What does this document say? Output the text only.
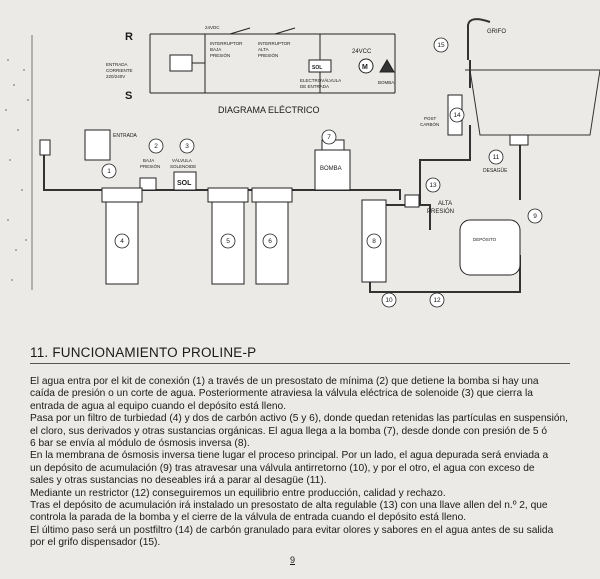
R
S
ENTRADA
CORRIENTE
220/240V
24VDC
INTERRUPTOR
BAJA
PRESIÓN
INTERRUPTOR
ALTA
PRESIÓN
SOL
ELECTROVÁLVULA
DE ENTRADA
24VCC
M
BOMBA
DIAGRAMA ELÉCTRICO
ENTRADA
BAJA
PRESIÓN
VÁLVULA
SOLENOIDE
SOL
BOMBA
POST
CARBÓN
DESAGÜE
ALTA
PRESIÓN
DEPÓSITO
GRIFO
1
2	3
4	5	6
7
8
9
10
11
12
13
14
15
11. FUNCIONAMIENTO PROLINE-P

El agua entra por el kit de conexión (1) a través de un presostato de mínima (2) que detiene la bomba si hay una

caída de presión o un corte de agua. Posteriormente atraviesa la válvula eléctrica de solenoide (3) que cierra la

entrada de agua al equipo cuando el depósito está lleno.

Pasa por un filtro de turbiedad (4) y dos de carbón activo (5 y 6), donde quedan retenidas las partículas en suspensión,

el cloro, sus derivados y otras sustancias orgánicas. El agua llega a la bomba (7), desde donde con presión de 5 ó

6 bar se envía al módulo de ósmosis inversa (8).

En la membrana de ósmosis inversa tiene lugar el proceso principal. Por un lado, el agua depurada será enviada a

un depósito de acumulación (9) tras atravesar una válvula antirretorno (10), y por el otro, el agua con exceso de

sales y otras sustancias no deseables irá a parar al desagüe (11).

Mediante un restrictor (12) conseguiremos un equilibrio entre producción, calidad y rechazo.

Tras el depósito de acumulación irá instalado un presostato de alta regulable (13) con una llave allen del n.º 2, que

controla la parada de la bomba y el cierre de la válvula de entrada cuando el depósito está lleno.

El último paso será un postfiltro (14) de carbón granulado para evitar olores y sabores en el agua antes de su salida

por el grifo dispensador (15).

9
